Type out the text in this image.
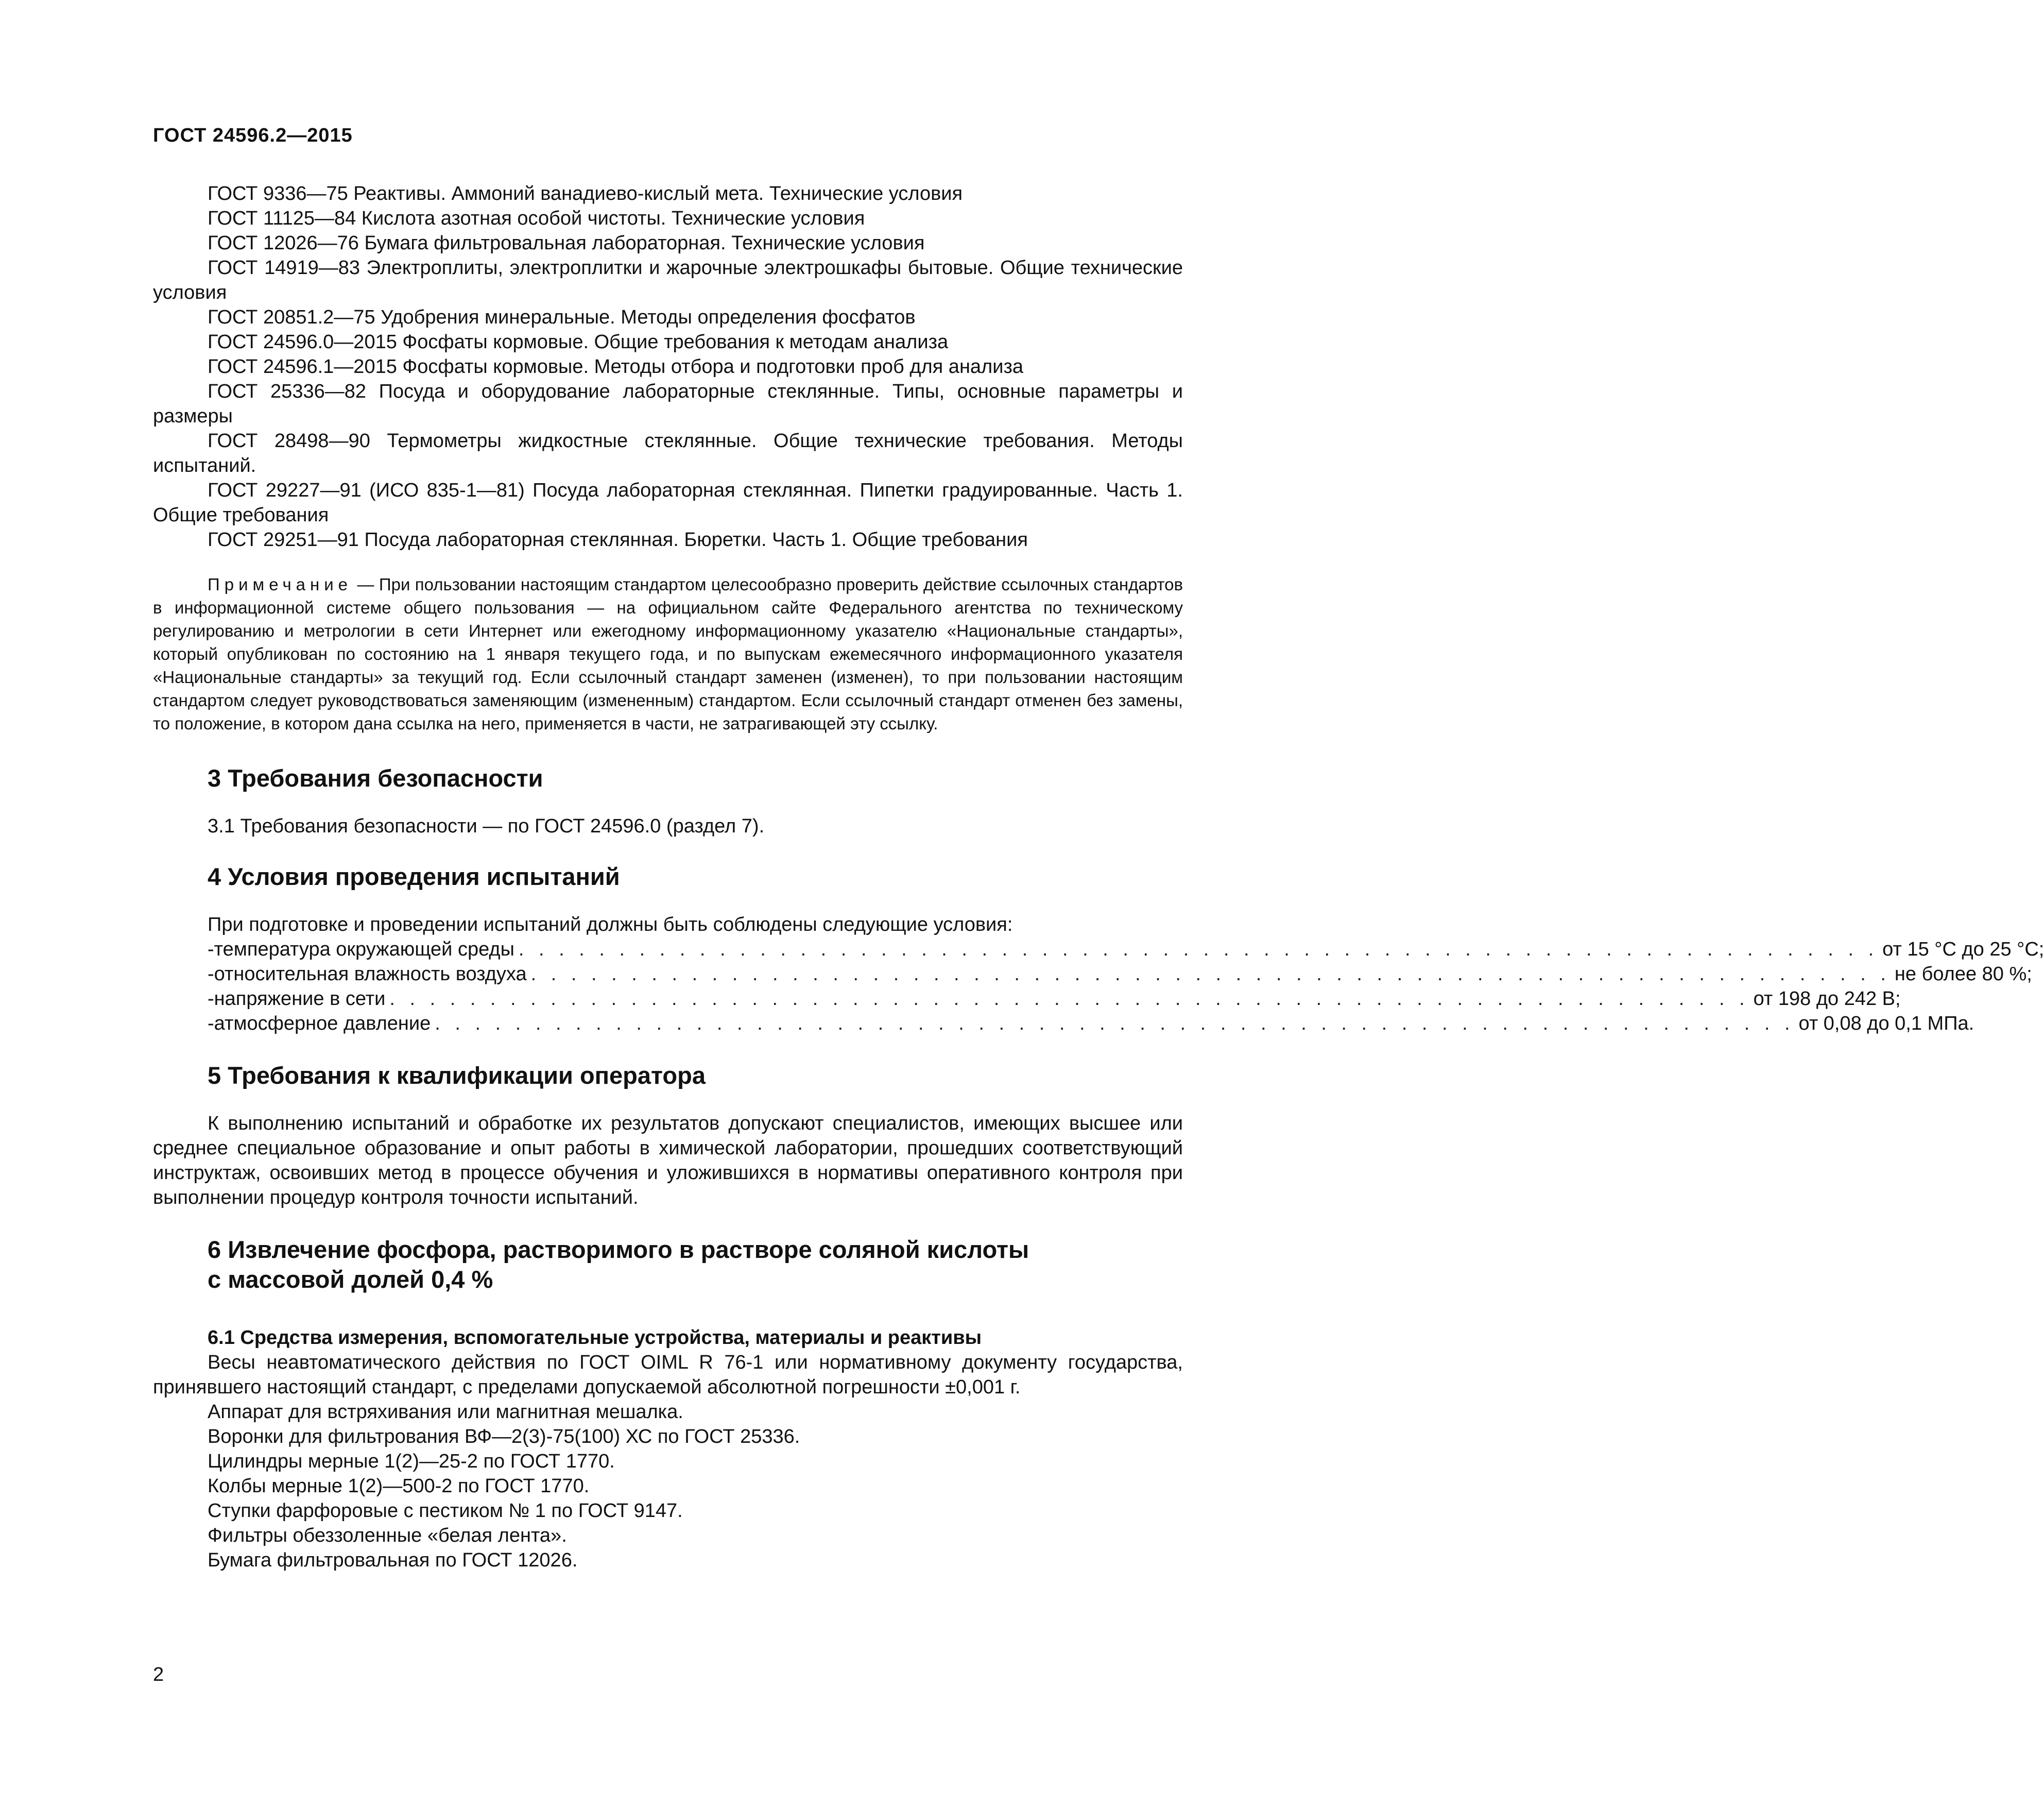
ГОСТ 24596.2—2015

ГОСТ 9336—75 Реактивы. Аммоний ванадиево-кислый мета. Технические условия

ГОСТ 11125—84 Кислота азотная особой чистоты. Технические условия

ГОСТ 12026—76 Бумага фильтровальная лабораторная. Технические условия

ГОСТ 14919—83 Электроплиты, электроплитки и жарочные электрошкафы бытовые. Общие технические условия

ГОСТ 20851.2—75 Удобрения минеральные. Методы определения фосфатов

ГОСТ 24596.0—2015 Фосфаты кормовые. Общие требования к методам анализа

ГОСТ 24596.1—2015 Фосфаты кормовые. Методы отбора и подготовки проб для анализа

ГОСТ 25336—82 Посуда и оборудование лабораторные стеклянные. Типы, основные параметры и размеры

ГОСТ 28498—90 Термометры жидкостные стеклянные. Общие технические требования. Методы испытаний.

ГОСТ 29227—91 (ИСО 835-1—81) Посуда лабораторная стеклянная. Пипетки градуированные. Часть 1. Общие требования

ГОСТ 29251—91 Посуда лабораторная стеклянная. Бюретки. Часть 1. Общие требования

Примечание — При пользовании настоящим стандартом целесообразно проверить действие ссылочных стандартов в информационной системе общего пользования — на официальном сайте Федерального агентства по техническому регулированию и метрологии в сети Интернет или ежегодному информационному указателю «Национальные стандарты», который опубликован по состоянию на 1 января текущего года, и по выпускам ежемесячного информационного указателя «Национальные стандарты» за текущий год. Если ссылочный стандарт заменен (изменен), то при пользовании настоящим стандартом следует руководствоваться заменяющим (измененным) стандартом. Если ссылочный стандарт отменен без замены, то положение, в котором дана ссылка на него, применяется в части, не затрагивающей эту ссылку.

3 Требования безопасности

3.1 Требования безопасности — по ГОСТ 24596.0 (раздел 7).

4 Условия проведения испытаний

При подготовке и проведении испытаний должны быть соблюдены следующие условия:

- температура окружающей среды . . . . . . . . . . . . . . . . . . . . . . . . . . . . . . . . . . . . . . . . . . . . . . . . . . . . . . . . . . . . . . . . . . . . от 15 °С до 25 °С;
- относительная влажность воздуха . . . . . . . . . . . . . . . . . . . . . . . . . . . . . . . . . . . . . . . . . . . . . . . . . . . . . . . . . . . . . . . . . . . . не более 80 %;
- напряжение в сети . . . . . . . . . . . . . . . . . . . . . . . . . . . . . . . . . . . . . . . . . . . . . . . . . . . . . . . . . . . . . . . . . . . . от 198 до 242 В;
- атмосферное давление . . . . . . . . . . . . . . . . . . . . . . . . . . . . . . . . . . . . . . . . . . . . . . . . . . . . . . . . . . . . . . . . . . . . от 0,08 до 0,1 МПа.
5 Требования к квалификации оператора

К выполнению испытаний и обработке их результатов допускают специалистов, имеющих высшее или среднее специальное образование и опыт работы в химической лаборатории, прошедших соответствующий инструктаж, освоивших метод в процессе обучения и уложившихся в нормативы оперативного контроля при выполнении процедур контроля точности испытаний.

6 Извлечение фосфора, растворимого в растворе соляной кислоты
с массовой долей 0,4 %
6.1 Средства измерения, вспомогательные устройства, материалы и реактивы

Весы неавтоматического действия по ГОСТ OIML R 76-1 или нормативному документу государства, принявшего настоящий стандарт, с пределами допускаемой абсолютной погрешности ±0,001 г.

Аппарат для встряхивания или магнитная мешалка.

Воронки для фильтрования ВФ—2(3)-75(100) ХС по ГОСТ 25336.

Цилиндры мерные 1(2)—25-2 по ГОСТ 1770.

Колбы мерные 1(2)—500-2 по ГОСТ 1770.

Ступки фарфоровые с пестиком № 1 по ГОСТ 9147.

Фильтры обеззоленные «белая лента».

Бумага фильтровальная по ГОСТ 12026.

2
